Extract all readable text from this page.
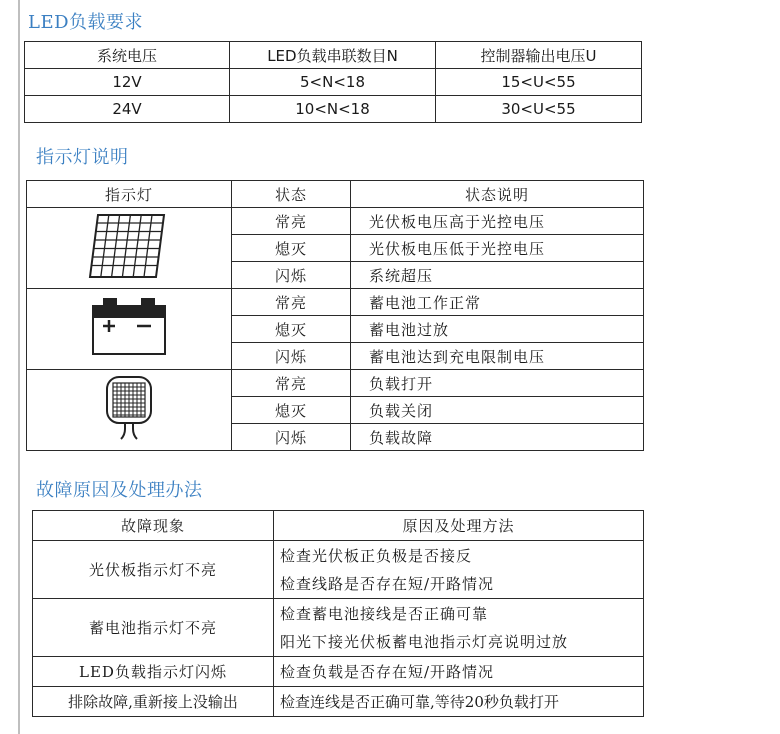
LED负载要求
系统电压	LED负载串联数目N	控制器输出电压U
12V	5<N<18	15<U<55
24V	10<N<18	30<U<55
指示灯说明
指示灯	状态	状态说明
	常亮	光伏板电压高于光控电压
	熄灭	光伏板电压低于光控电压
	闪烁	系统超压
	常亮	蓄电池工作正常
	熄灭	蓄电池过放
	闪烁	蓄电池达到充电限制电压
	常亮	负载打开
	熄灭	负载关闭
	闪烁	负载故障
故障原因及处理办法
故障现象	原因及处理方法
光伏板指示灯不亮	检查光伏板正负极是否接反
检查线路是否存在短/开路情况

蓄电池指示灯不亮	检查蓄电池接线是否正确可靠
阳光下接光伏板蓄电池指示灯亮说明过放

LED负载指示灯闪烁	检查负载是否存在短/开路情况

排除故障,重新接上没输出	检查连线是否正确可靠,等待20秒负载打开
